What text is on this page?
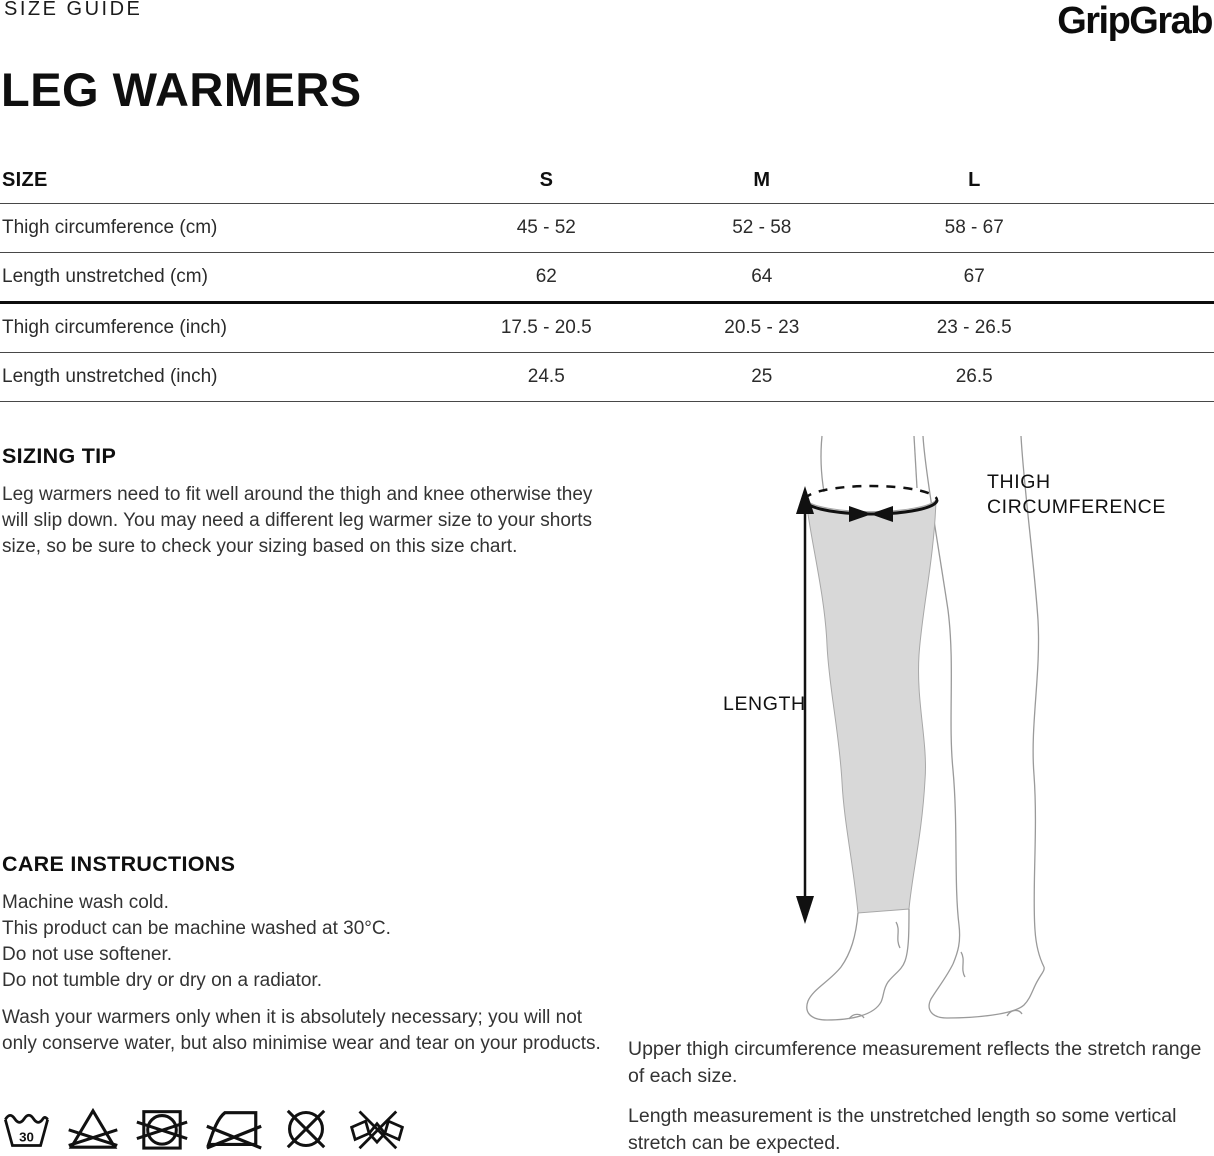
SIZE GUIDE	GripGrab
LEG WARMERS
SIZE	S	M	L
Thigh circumference (cm)	45 - 52	52 - 58	58 - 67
Length unstretched (cm)	62	64	67
Thigh circumference (inch)	17.5 - 20.5	20.5 - 23	23 - 26.5
Length unstretched (inch)	24.5	25	26.5
SIZING TIP

Leg warmers need to fit well around the thigh and knee otherwise they will slip down. You may need a different leg warmer size to your shorts size, so be sure to check your sizing based on this size chart.

CARE INSTRUCTIONS
Machine wash cold.
This product can be machine washed at 30°C.
Do not use softener.
Do not tumble dry or dry on a radiator.

Wash your warmers only when it is absolutely necessary; you will not only conserve water, but also minimise wear and tear on your products.

30
LENGTH
THIGH
CIRCUMFERENCE

Upper thigh circumference measurement reflects the stretch range of each size.

Length measurement is the unstretched length so some vertical stretch can be expected.
